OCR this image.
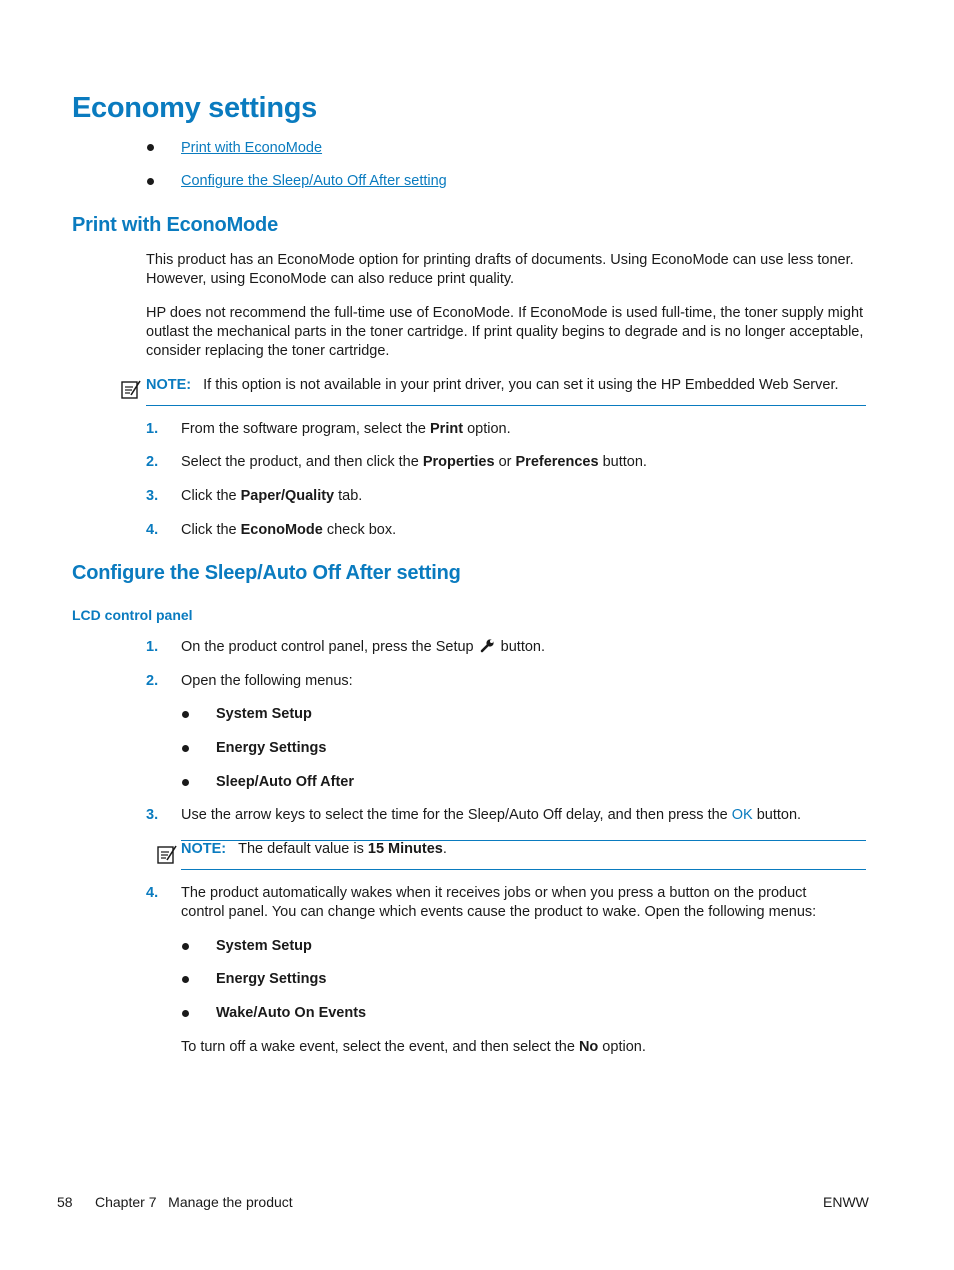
Economy settings
Print with EconoMode
Configure the Sleep/Auto Off After setting
Print with EconoMode

This product has an EconoMode option for printing drafts of documents. Using EconoMode can use less toner. However, using EconoMode can also reduce print quality.

HP does not recommend the full-time use of EconoMode. If EconoMode is used full-time, the toner supply might outlast the mechanical parts in the toner cartridge. If print quality begins to degrade and is no longer acceptable, consider replacing the toner cartridge.

NOTE: If this option is not available in your print driver, you can set it using the HP Embedded Web Server.
1. From the software program, select the Print option.
2. Select the product, and then click the Properties or Preferences button.
3. Click the Paper/Quality tab.
4. Click the EconoMode check box.
Configure the Sleep/Auto Off After setting
LCD control panel
1. On the product control panel, press the Setup  button.
2. Open the following menus:
System Setup
Energy Settings
Sleep/Auto Off After
3. Use the arrow keys to select the time for the Sleep/Auto Off delay, and then press the OK button.
NOTE: The default value is 15 Minutes.
4. The product automatically wakes when it receives jobs or when you press a button on the product
control panel. You can change which events cause the product to wake. Open the following menus:
System Setup
Energy Settings
Wake/Auto On Events
To turn off a wake event, select the event, and then select the No option.
58 Chapter 7   Manage the product	ENWW
